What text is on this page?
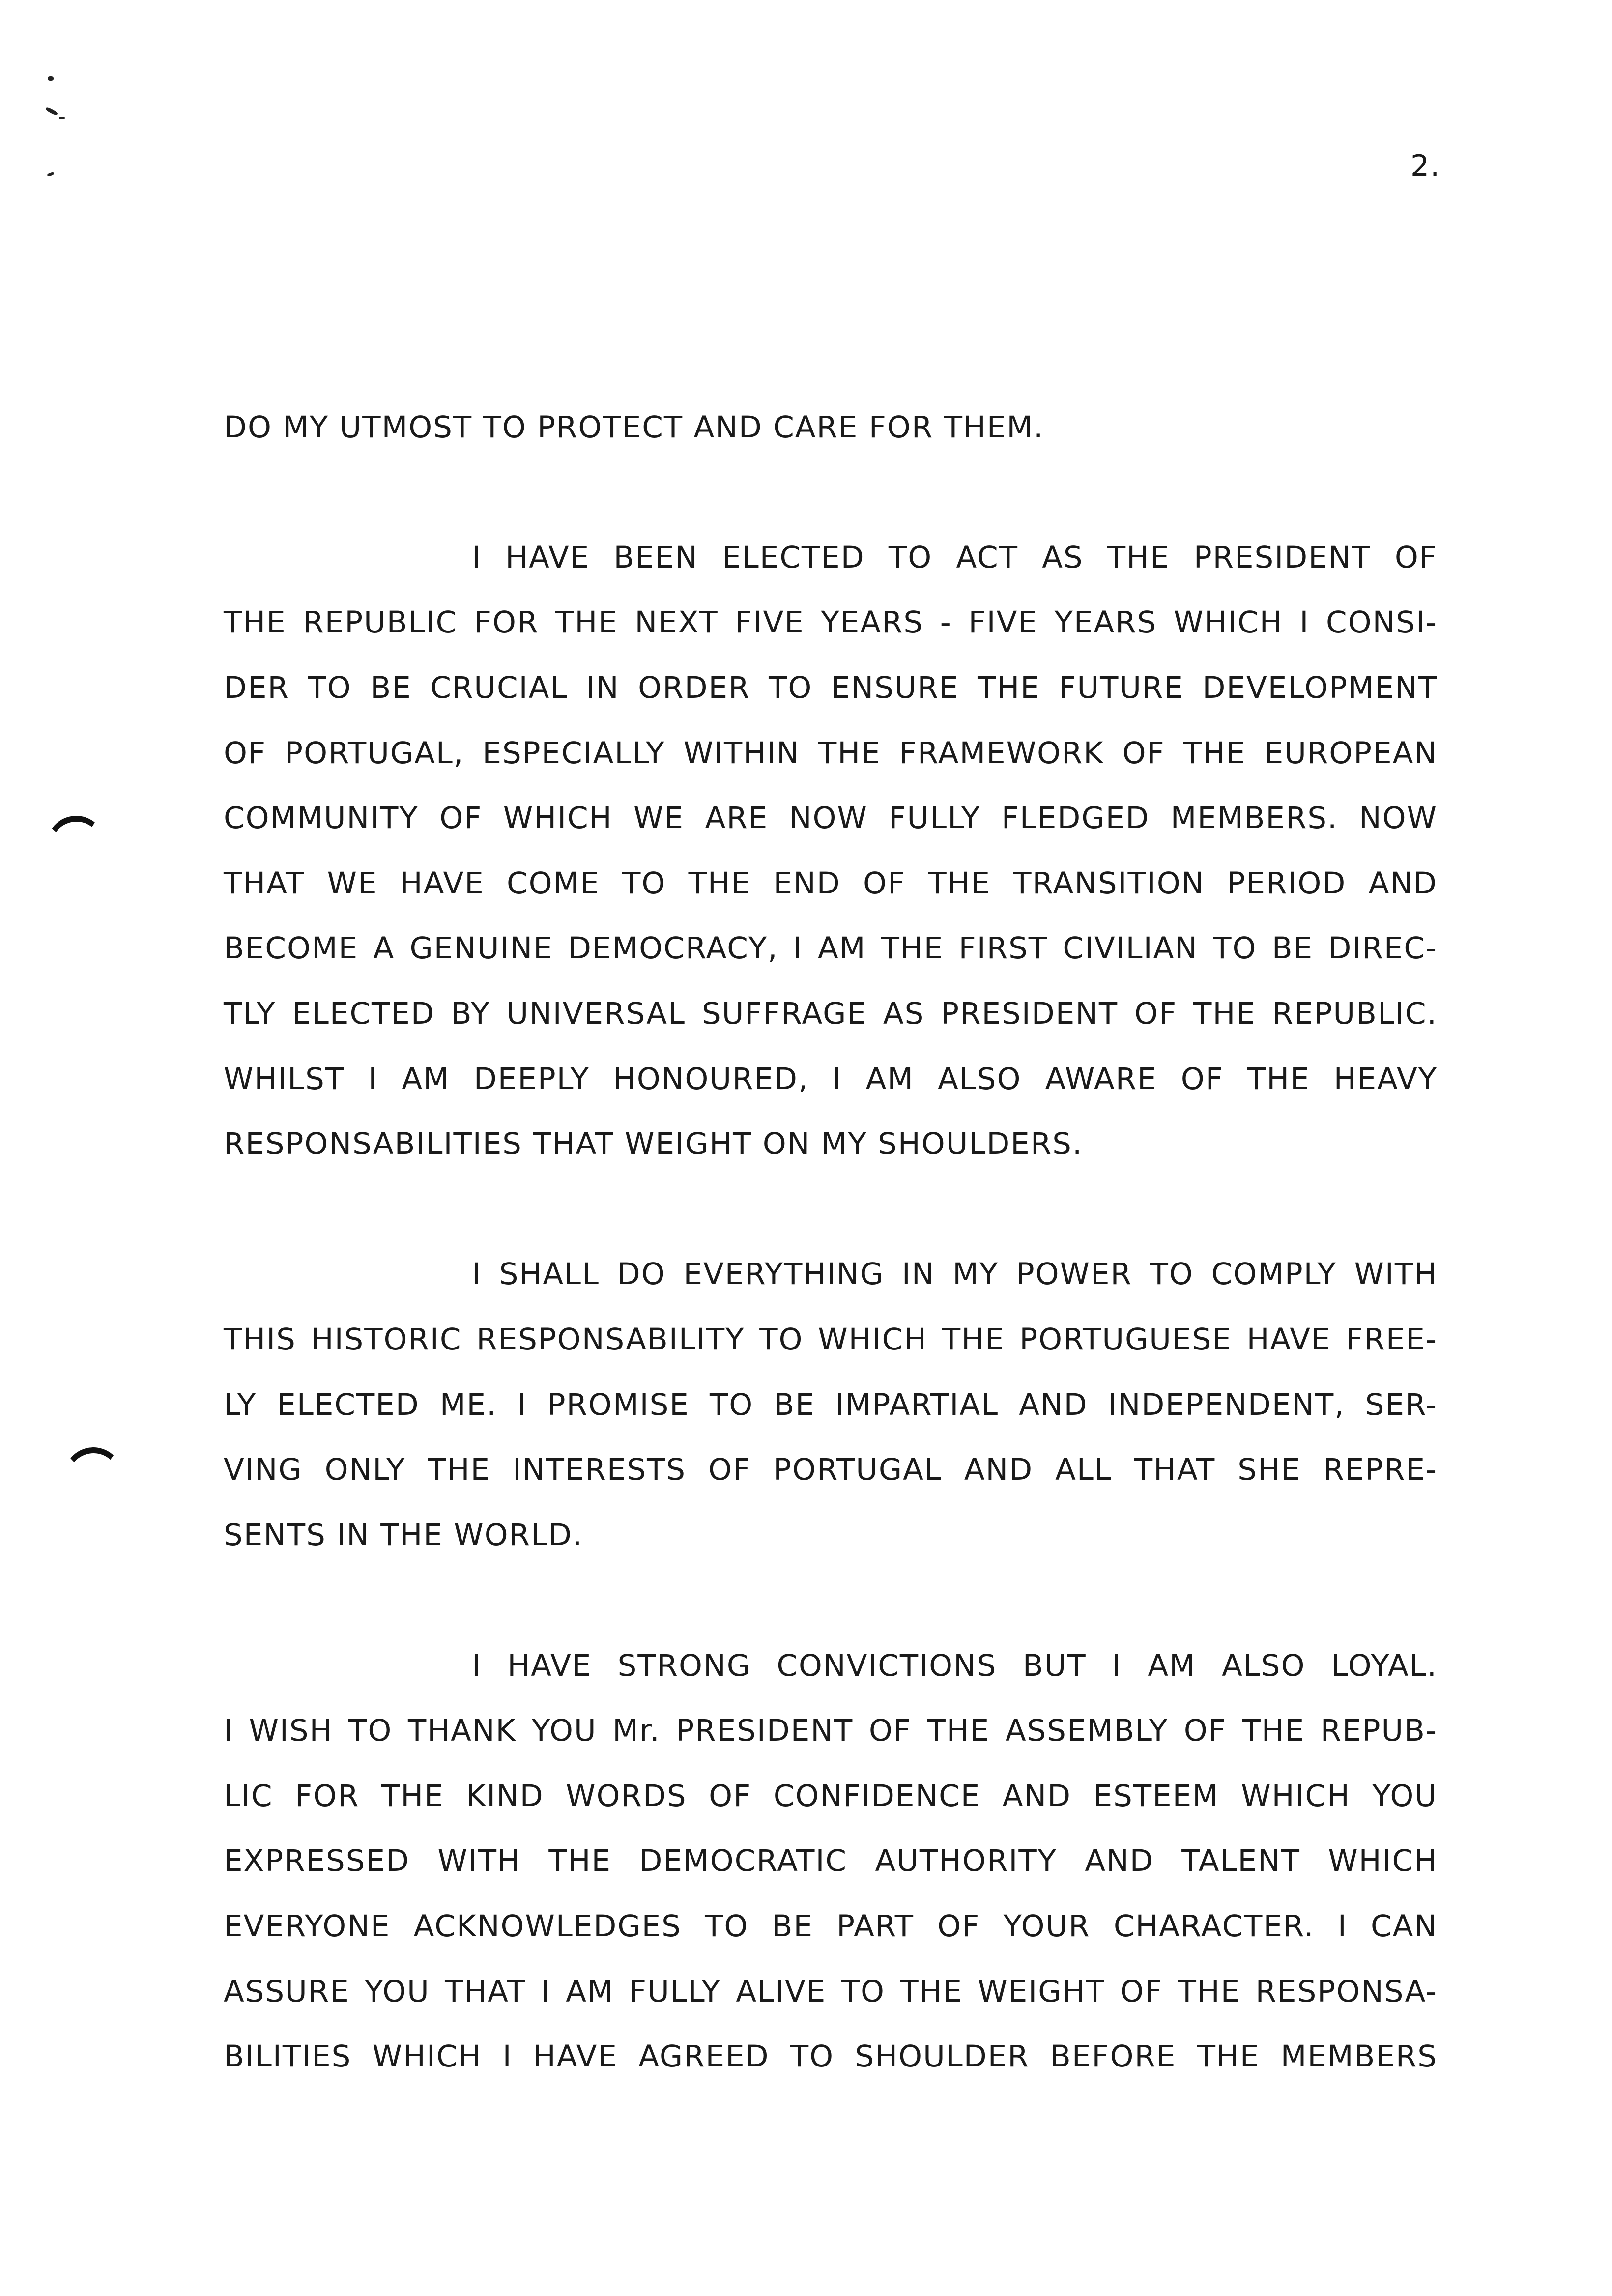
2.
DO MY UTMOST TO PROTECT AND CARE FOR THEM.
I HAVE BEEN ELECTED TO ACT AS THE PRESIDENT OF
THE REPUBLIC FOR THE NEXT FIVE YEARS - FIVE YEARS WHICH I CONSI-
DER TO BE CRUCIAL IN ORDER TO ENSURE THE FUTURE DEVELOPMENT
OF PORTUGAL, ESPECIALLY WITHIN THE FRAMEWORK OF THE EUROPEAN
COMMUNITY OF WHICH WE ARE NOW FULLY FLEDGED MEMBERS. NOW
THAT WE HAVE COME TO THE END OF THE TRANSITION PERIOD AND
BECOME A GENUINE DEMOCRACY, I AM THE FIRST CIVILIAN TO BE DIREC-
TLY ELECTED BY UNIVERSAL SUFFRAGE AS PRESIDENT OF THE REPUBLIC.
WHILST I AM DEEPLY HONOURED, I AM ALSO AWARE OF THE HEAVY
RESPONSABILITIES THAT WEIGHT ON MY SHOULDERS.
I SHALL DO EVERYTHING IN MY POWER TO COMPLY WITH
THIS HISTORIC RESPONSABILITY TO WHICH THE PORTUGUESE HAVE FREE-
LY ELECTED ME. I PROMISE TO BE IMPARTIAL AND INDEPENDENT, SER-
VING ONLY THE INTERESTS OF PORTUGAL AND ALL THAT SHE REPRE-
SENTS IN THE WORLD.
I HAVE STRONG CONVICTIONS BUT I AM ALSO LOYAL.
I WISH TO THANK YOU Mr. PRESIDENT OF THE ASSEMBLY OF THE REPUB-
LIC FOR THE KIND WORDS OF CONFIDENCE AND ESTEEM WHICH YOU
EXPRESSED WITH THE DEMOCRATIC AUTHORITY AND TALENT WHICH
EVERYONE ACKNOWLEDGES TO BE PART OF YOUR CHARACTER. I CAN
ASSURE YOU THAT I AM FULLY ALIVE TO THE WEIGHT OF THE RESPONSA-
BILITIES WHICH I HAVE AGREED TO SHOULDER BEFORE THE MEMBERS
